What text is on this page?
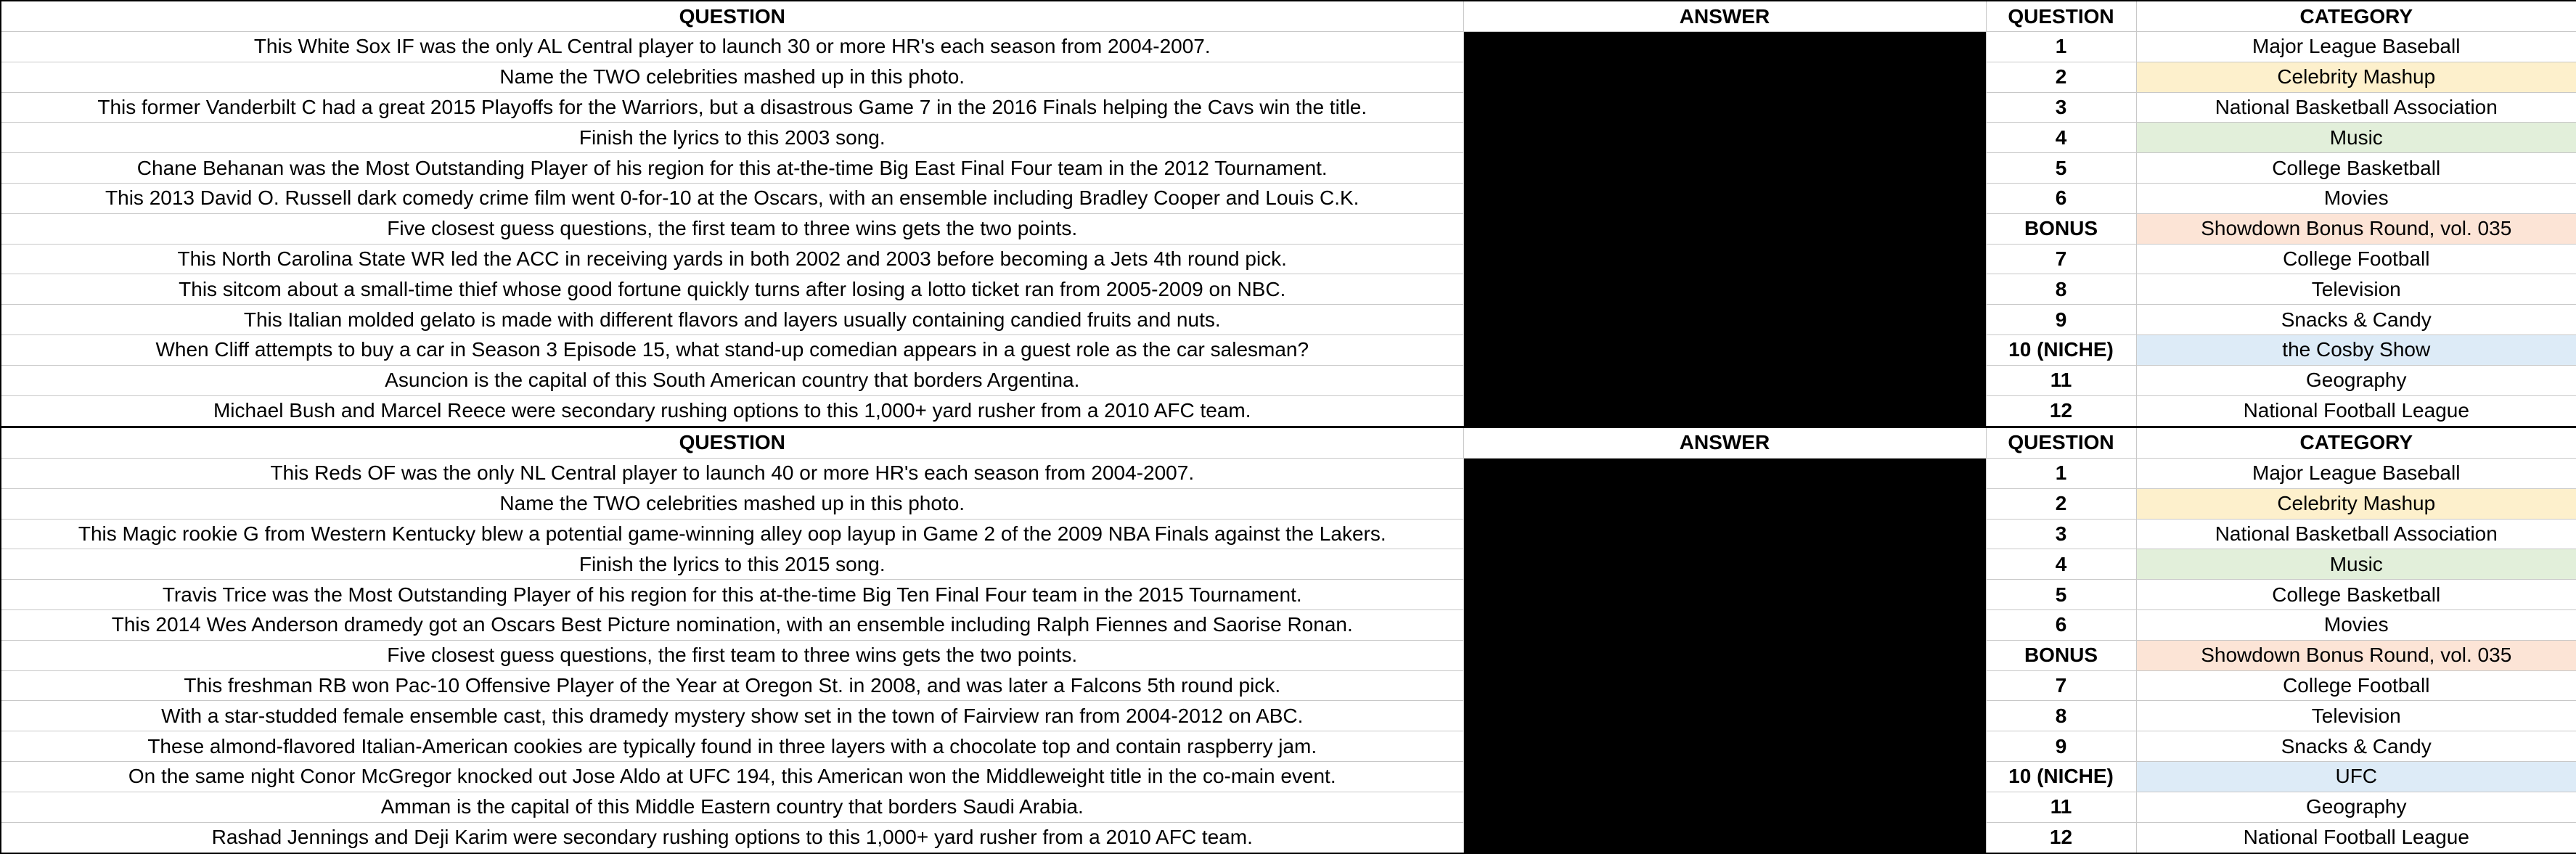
QUESTION	ANSWER	QUESTION	CATEGORY
This White Sox IF was the only AL Central player to launch 30 or more HR's each season from 2004-2007.		1	Major League Baseball
Name the TWO celebrities mashed up in this photo.		2	Celebrity Mashup
This former Vanderbilt C had a great 2015 Playoffs for the Warriors, but a disastrous Game 7 in the 2016 Finals helping the Cavs win the title.		3	National Basketball Association
Finish the lyrics to this 2003 song.		4	Music
Chane Behanan was the Most Outstanding Player of his region for this at-the-time Big East Final Four team in the 2012 Tournament.		5	College Basketball
This 2013 David O. Russell dark comedy crime film went 0-for-10 at the Oscars, with an ensemble including Bradley Cooper and Louis C.K.		6	Movies
Five closest guess questions, the first team to three wins gets the two points.		BONUS	Showdown Bonus Round, vol. 035
This North Carolina State WR led the ACC in receiving yards in both 2002 and 2003 before becoming a Jets 4th round pick.		7	College Football
This sitcom about a small-time thief whose good fortune quickly turns after losing a lotto ticket ran from 2005-2009 on NBC.		8	Television
This Italian molded gelato is made with different flavors and layers usually containing candied fruits and nuts.		9	Snacks & Candy
When Cliff attempts to buy a car in Season 3 Episode 15, what stand-up comedian appears in a guest role as the car salesman?		10 (NICHE)	the Cosby Show
Asuncion is the capital of this South American country that borders Argentina.		11	Geography
Michael Bush and Marcel Reece were secondary rushing options to this 1,000+ yard rusher from a 2010 AFC team.		12	National Football League
QUESTION	ANSWER	QUESTION	CATEGORY
This Reds OF was the only NL Central player to launch 40 or more HR's each season from 2004-2007.		1	Major League Baseball
Name the TWO celebrities mashed up in this photo.		2	Celebrity Mashup
This Magic rookie G from Western Kentucky blew a potential game-winning alley oop layup in Game 2 of the 2009 NBA Finals against the Lakers.		3	National Basketball Association
Finish the lyrics to this 2015 song.		4	Music
Travis Trice was the Most Outstanding Player of his region for this at-the-time Big Ten Final Four team in the 2015 Tournament.		5	College Basketball
This 2014 Wes Anderson dramedy got an Oscars Best Picture nomination, with an ensemble including Ralph Fiennes and Saorise Ronan.		6	Movies
Five closest guess questions, the first team to three wins gets the two points.		BONUS	Showdown Bonus Round, vol. 035
This freshman RB won Pac-10 Offensive Player of the Year at Oregon St. in 2008, and was later a Falcons 5th round pick.		7	College Football
With a star-studded female ensemble cast, this dramedy mystery show set in the town of Fairview ran from 2004-2012 on ABC.		8	Television
These almond-flavored Italian-American cookies are typically found in three layers with a chocolate top and contain raspberry jam.		9	Snacks & Candy
On the same night Conor McGregor knocked out Jose Aldo at UFC 194, this American won the Middleweight title in the co-main event.		10 (NICHE)	UFC
Amman is the capital of this Middle Eastern country that borders Saudi Arabia.		11	Geography
Rashad Jennings and Deji Karim were secondary rushing options to this 1,000+ yard rusher from a 2010 AFC team.		12	National Football League
